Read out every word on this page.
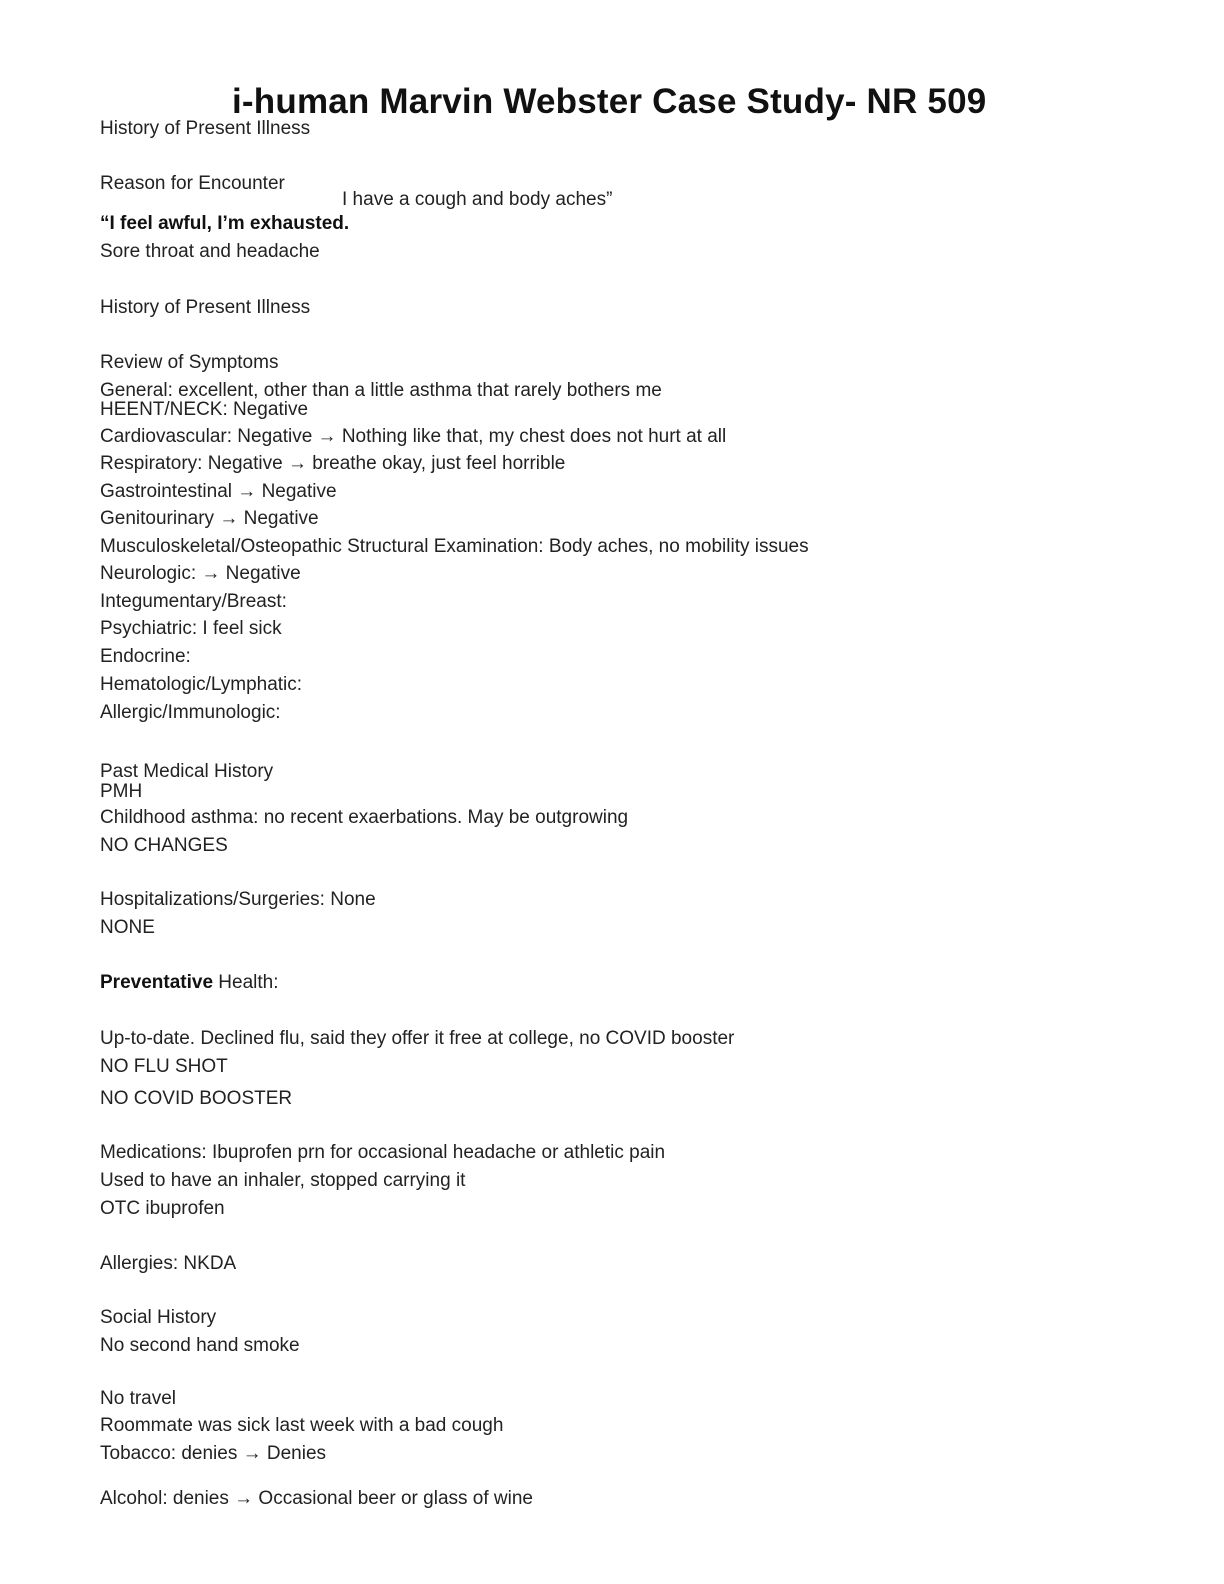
i-human Marvin Webster Case Study- NR 509
History of Present Illness
Reason for Encounter
I have a cough and body aches”
“I feel awful, I’m exhausted.
Sore throat and headache
History of Present Illness
Review of Symptoms
General: excellent, other than a little asthma that rarely bothers me
HEENT/NECK: Negative
Cardiovascular: Negative → Nothing like that, my chest does not hurt at all
Respiratory: Negative → breathe okay, just feel horrible
Gastrointestinal → Negative
Genitourinary → Negative
Musculoskeletal/Osteopathic Structural Examination: Body aches, no mobility issues
Neurologic: → Negative
Integumentary/Breast:
Psychiatric: I feel sick
Endocrine:
Hematologic/Lymphatic:
Allergic/Immunologic:
Past Medical History
PMH
Childhood asthma: no recent exaerbations. May be outgrowing
NO CHANGES
Hospitalizations/Surgeries: None
NONE
Preventative Health:
Up-to-date. Declined flu, said they offer it free at college, no COVID booster
NO FLU SHOT
NO COVID BOOSTER
Medications: Ibuprofen prn for occasional headache or athletic pain
Used to have an inhaler, stopped carrying it
OTC ibuprofen
Allergies: NKDA
Social History
No second hand smoke
No travel
Roommate was sick last week with a bad cough
Tobacco: denies → Denies
Alcohol: denies → Occasional beer or glass of wine
